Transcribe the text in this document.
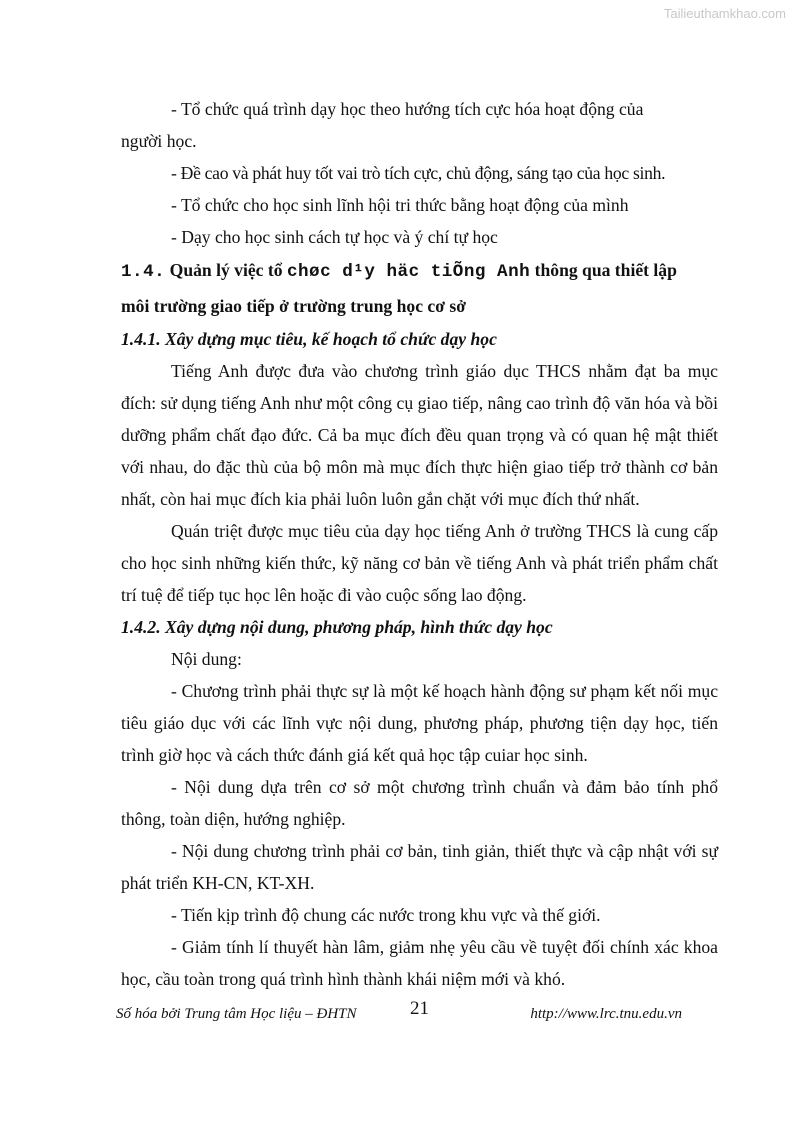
Tailieuthamkhao.com

- Tổ chức quá trình dạy học theo hướng tích cực hóa hoạt động của

người học.

- Đề cao và phát huy tốt vai trò tích cực, chủ động, sáng tạo của học sinh.

- Tổ chức cho học sinh lĩnh hội tri thức bằng hoạt động của mình

- Dạy cho học sinh cách tự học và ý chí tự học

1.4. Quản lý việc tổ chøc d¹y häc tiÕng Anh thông qua thiết lập

môi trường giao tiếp ở trường trung học cơ sở

1.4.1. Xây dựng mục tiêu, kế hoạch tổ chức dạy học

Tiếng Anh được đưa vào chương trình giáo dục THCS nhằm đạt ba mục đích: sử dụng tiếng Anh như một công cụ giao tiếp, nâng cao trình độ văn hóa và bồi dưỡng phẩm chất đạo đức. Cả ba mục đích đều quan trọng và có quan hệ mật thiết với nhau, do đặc thù của bộ môn mà mục đích thực hiện giao tiếp trở thành cơ bản nhất, còn hai mục đích kia phải luôn luôn gắn chặt với mục đích thứ nhất.

Quán triệt được mục tiêu của dạy học tiếng Anh ở trường THCS là cung cấp cho học sinh những kiến thức, kỹ năng cơ bản về tiếng Anh và phát triển phẩm chất trí tuệ để tiếp tục học lên hoặc đi vào cuộc sống lao động.

1.4.2. Xây dựng nội dung, phương pháp, hình thức dạy học

Nội dung:

- Chương trình phải thực sự là một kế hoạch hành động sư phạm kết nối mục tiêu giáo dục với các lĩnh vực nội dung, phương pháp, phương tiện dạy học, tiến trình giờ học và cách thức đánh giá kết quả học tập cuiar học sinh.

- Nội dung dựa trên cơ sở một chương trình chuẩn và đảm bảo tính phổ thông, toàn diện, hướng nghiệp.

- Nội dung chương trình phải cơ bản, tinh giản, thiết thực và cập nhật với sự phát triển KH-CN, KT-XH.

- Tiến kịp trình độ chung các nước trong khu vực và thế giới.

- Giảm tính lí thuyết hàn lâm, giảm nhẹ yêu cầu về tuyệt đối chính xác khoa học, cầu toàn trong quá trình hình thành khái niệm mới và khó.

Số hóa bởi Trung tâm Học liệu – ĐHTN	21	http://www.lrc.tnu.edu.vn
